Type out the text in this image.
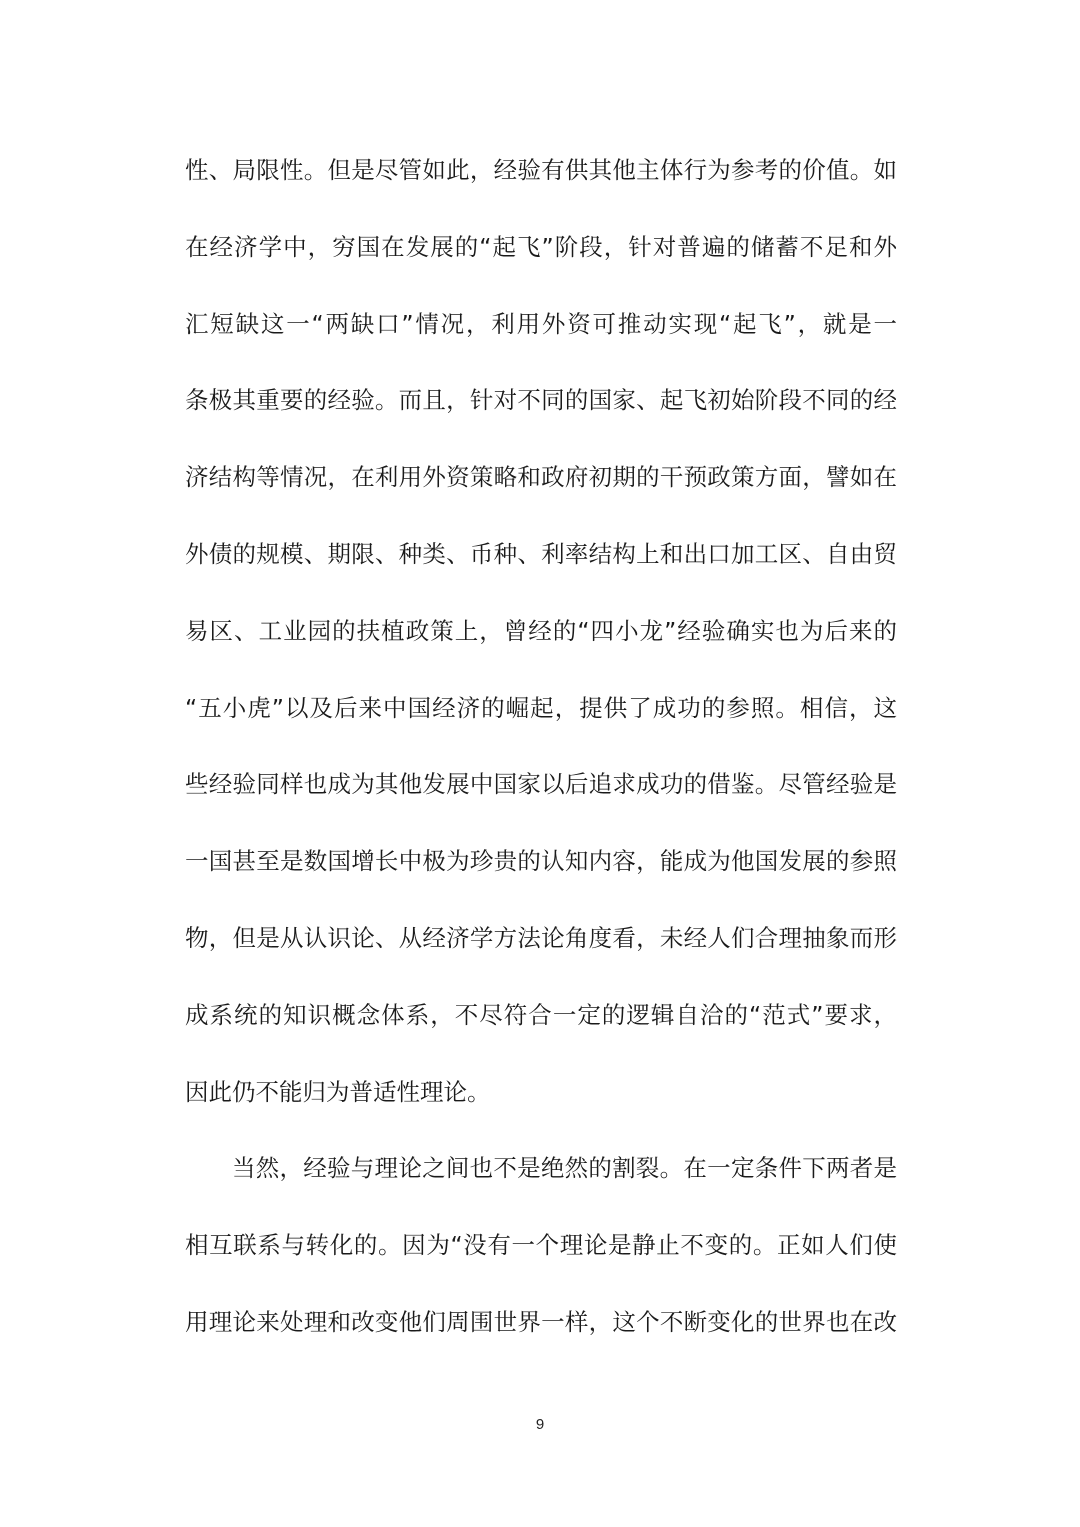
性、局限性。但是尽管如此，经验有供其他主体行为参考的价值。如
在经济学中，穷国在发展的“起飞”阶段，针对普遍的储蓄不足和外
汇短缺这一“两缺口”情况，利用外资可推动实现“起飞”，就是一
条极其重要的经验。而且，针对不同的国家、起飞初始阶段不同的经
济结构等情况，在利用外资策略和政府初期的干预政策方面，譬如在
外债的规模、期限、种类、币种、利率结构上和出口加工区、自由贸
易区、工业园的扶植政策上，曾经的“四小龙”经验确实也为后来的
“五小虎”以及后来中国经济的崛起，提供了成功的参照。相信，这
些经验同样也成为其他发展中国家以后追求成功的借鉴。尽管经验是
一国甚至是数国增长中极为珍贵的认知内容，能成为他国发展的参照
物，但是从认识论、从经济学方法论角度看，未经人们合理抽象而形
成系统的知识概念体系，不尽符合一定的逻辑自洽的“范式”要求，
因此仍不能归为普适性理论。
当然，经验与理论之间也不是绝然的割裂。在一定条件下两者是
相互联系与转化的。因为“没有一个理论是静止不变的。正如人们使
用理论来处理和改变他们周围世界一样，这个不断变化的世界也在改
9
